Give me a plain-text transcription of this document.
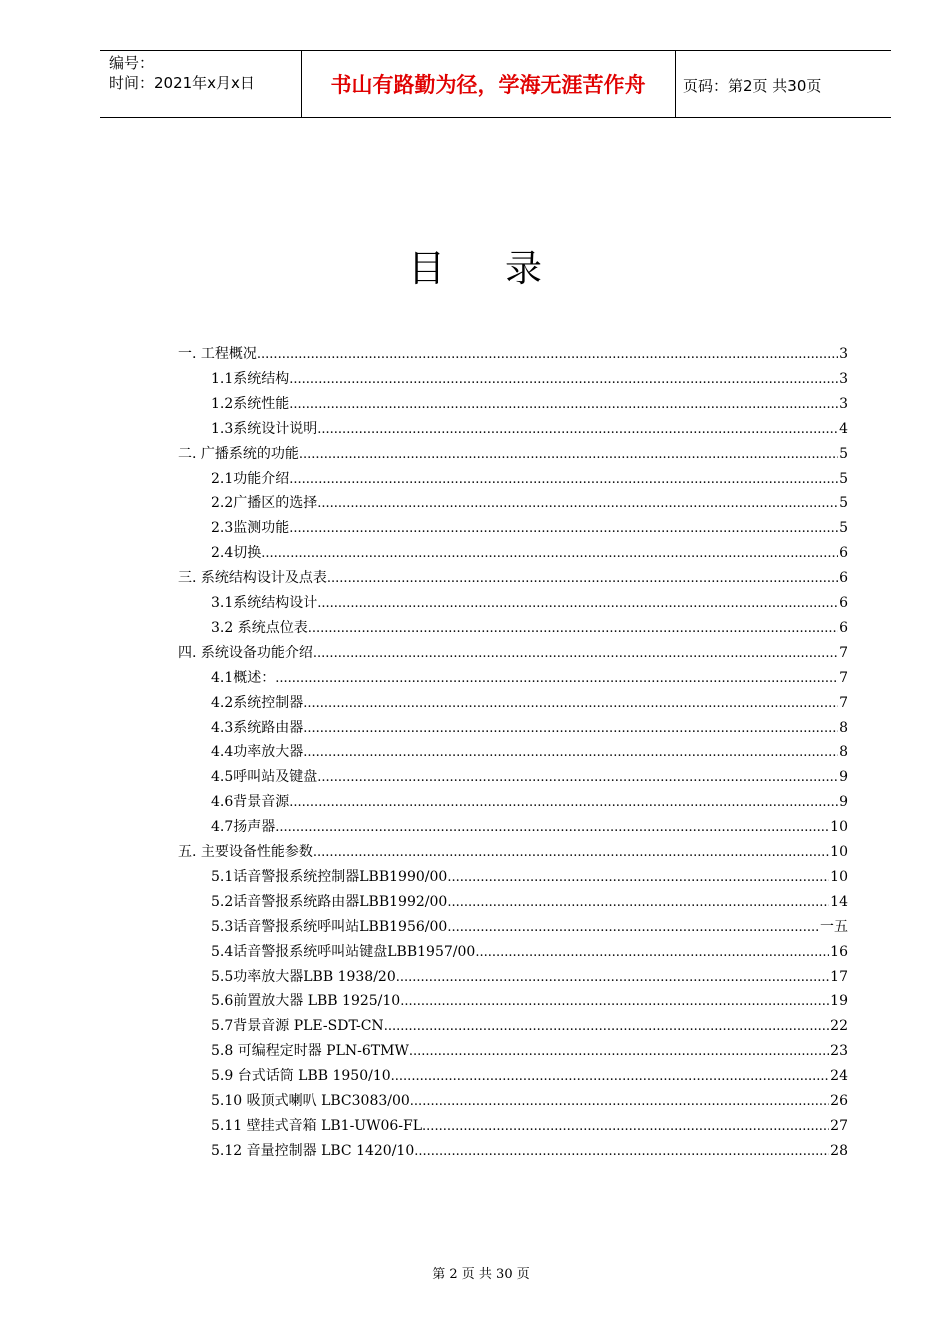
编号：
时间：2021年x月x日	书山有路勤为径，学海无涯苦作舟	页码：第2页 共30页
目录
一. 工程概况 .....	3
1.1系统结构 .....	3
1.2系统性能 .....	3
1.3系统设计说明 .....	4
二. 广播系统的功能 .....	5
2.1功能介绍 .....	5
2.2广播区的选择 .....	5
2.3监测功能 .....	5
2.4切换 .....	6
三. 系统结构设计及点表 .....	6
3.1系统结构设计 .....	6
3.2 系统点位表 .....	6
四. 系统设备功能介绍 .....	7
4.1概述： .....	7
4.2系统控制器 .....	7
4.3系统路由器 .....	8
4.4功率放大器 .....	8
4.5呼叫站及键盘 .....	9
4.6背景音源 .....	9
4.7扬声器 .....	10
五. 主要设备性能参数 .....	10
5.1话音警报系统控制器LBB1990/00 .....	10
5.2话音警报系统路由器LBB1992/00 .....	14
5.3话音警报系统呼叫站LBB1956/00 .....	一五
5.4话音警报系统呼叫站键盘LBB1957/00 .....	16
5.5功率放大器LBB 1938/20 .....	17
5.6前置放大器 LBB 1925/10 .....	19
5.7背景音源 PLE-SDT-CN .....	22
5.8 可编程定时器 PLN-6TMW .....	23
5.9 台式话筒 LBB 1950/10 .....	24
5.10 吸顶式喇叭 LBC3083/00 .....	26
5.11 壁挂式音箱 LB1-UW06-FL .....	27
5.12 音量控制器 LBC 1420/10 .....	28
第 2 页 共 30 页
